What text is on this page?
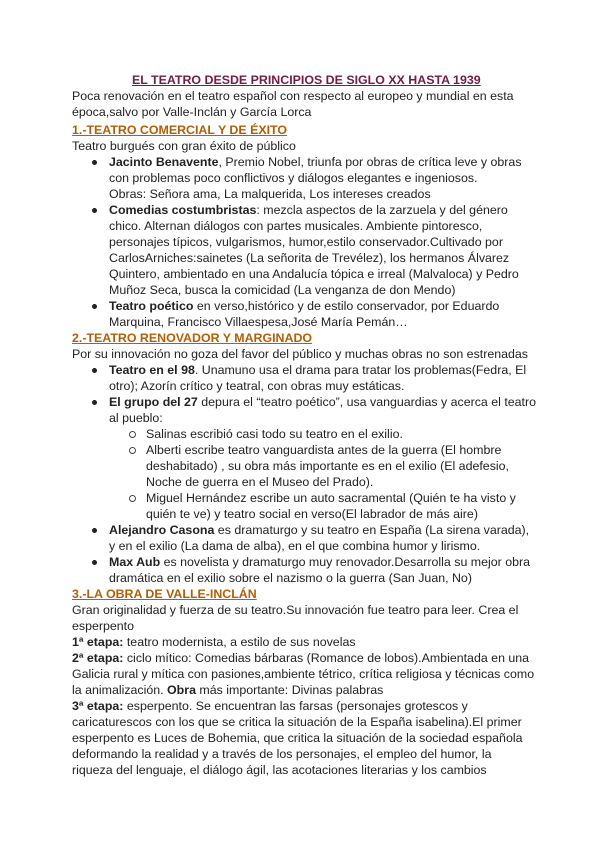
EL TEATRO DESDE PRINCIPIOS DE SIGLO XX HASTA 1939
Poca renovación en el teatro español con respecto al europeo y mundial en esta
época,salvo por Valle-Inclán y García Lorca
1.-TEATRO COMERCIAL Y DE ÉXITO
Teatro burgués con gran éxito de público
Jacinto Benavente, Premio Nobel, triunfa por obras de crítica leve y obras
con problemas poco conflictivos y diálogos elegantes e ingeniosos.
Obras: Señora ama, La malquerida, Los intereses creados
Comedias costumbristas: mezcla aspectos de la zarzuela y del género
chico. Alternan diálogos con partes musicales. Ambiente pintoresco,
personajes típicos, vulgarismos, humor,estilo conservador.Cultivado por
CarlosArniches:sainetes (La señorita de Trevélez), los hermanos Álvarez
Quintero, ambientado en una Andalucía tópica e irreal (Malvaloca) y Pedro
Muñoz Seca, busca la comicidad (La venganza de don Mendo)
Teatro poético en verso,histórico y de estilo conservador, por Eduardo
Marquina, Francisco Villaespesa,José María Pemán…
2.-TEATRO RENOVADOR Y MARGINADO
Por su innovación no goza del favor del público y muchas obras no son estrenadas
Teatro en el 98. Unamuno usa el drama para tratar los problemas(Fedra, El
otro); Azorín crítico y teatral, con obras muy estáticas.
El grupo del 27 depura el “teatro poético”, usa vanguardias y acerca el teatro
al pueblo:
Salinas escribió casi todo su teatro en el exilio.
Alberti escribe teatro vanguardista antes de la guerra (El hombre
deshabitado) , su obra más importante es en el exilio (El adefesio,
Noche de guerra en el Museo del Prado).
Miguel Hernández escribe un auto sacramental (Quién te ha visto y
quién te ve) y teatro social en verso(El labrador de más aire)
Alejandro Casona es dramaturgo y su teatro en España (La sirena varada),
y en el exilio (La dama de alba), en el que combina humor y lirismo.
Max Aub es novelista y dramaturgo muy renovador.Desarrolla su mejor obra
dramática en el exilio sobre el nazismo o la guerra (San Juan, No)
3.-LA OBRA DE VALLE-INCLÁN
Gran originalidad y fuerza de su teatro.Su innovación fue teatro para leer. Crea el
esperpento
1ª etapa: teatro modernista, a estilo de sus novelas
2ª etapa: ciclo mítico: Comedias bárbaras (Romance de lobos).Ambientada en una
Galicia rural y mítica con pasiones,ambiente tétrico, crítica religiosa y técnicas como
la animalización. Obra más importante: Divinas palabras
3ª etapa: esperpento. Se encuentran las farsas (personajes grotescos y
caricaturescos con los que se critica la situación de la España isabelina).El primer
esperpento es Luces de Bohemia, que critica la situación de la sociedad española
deformando la realidad y a través de los personajes, el empleo del humor, la
riqueza del lenguaje, el diálogo ágil, las acotaciones literarias y los cambios
